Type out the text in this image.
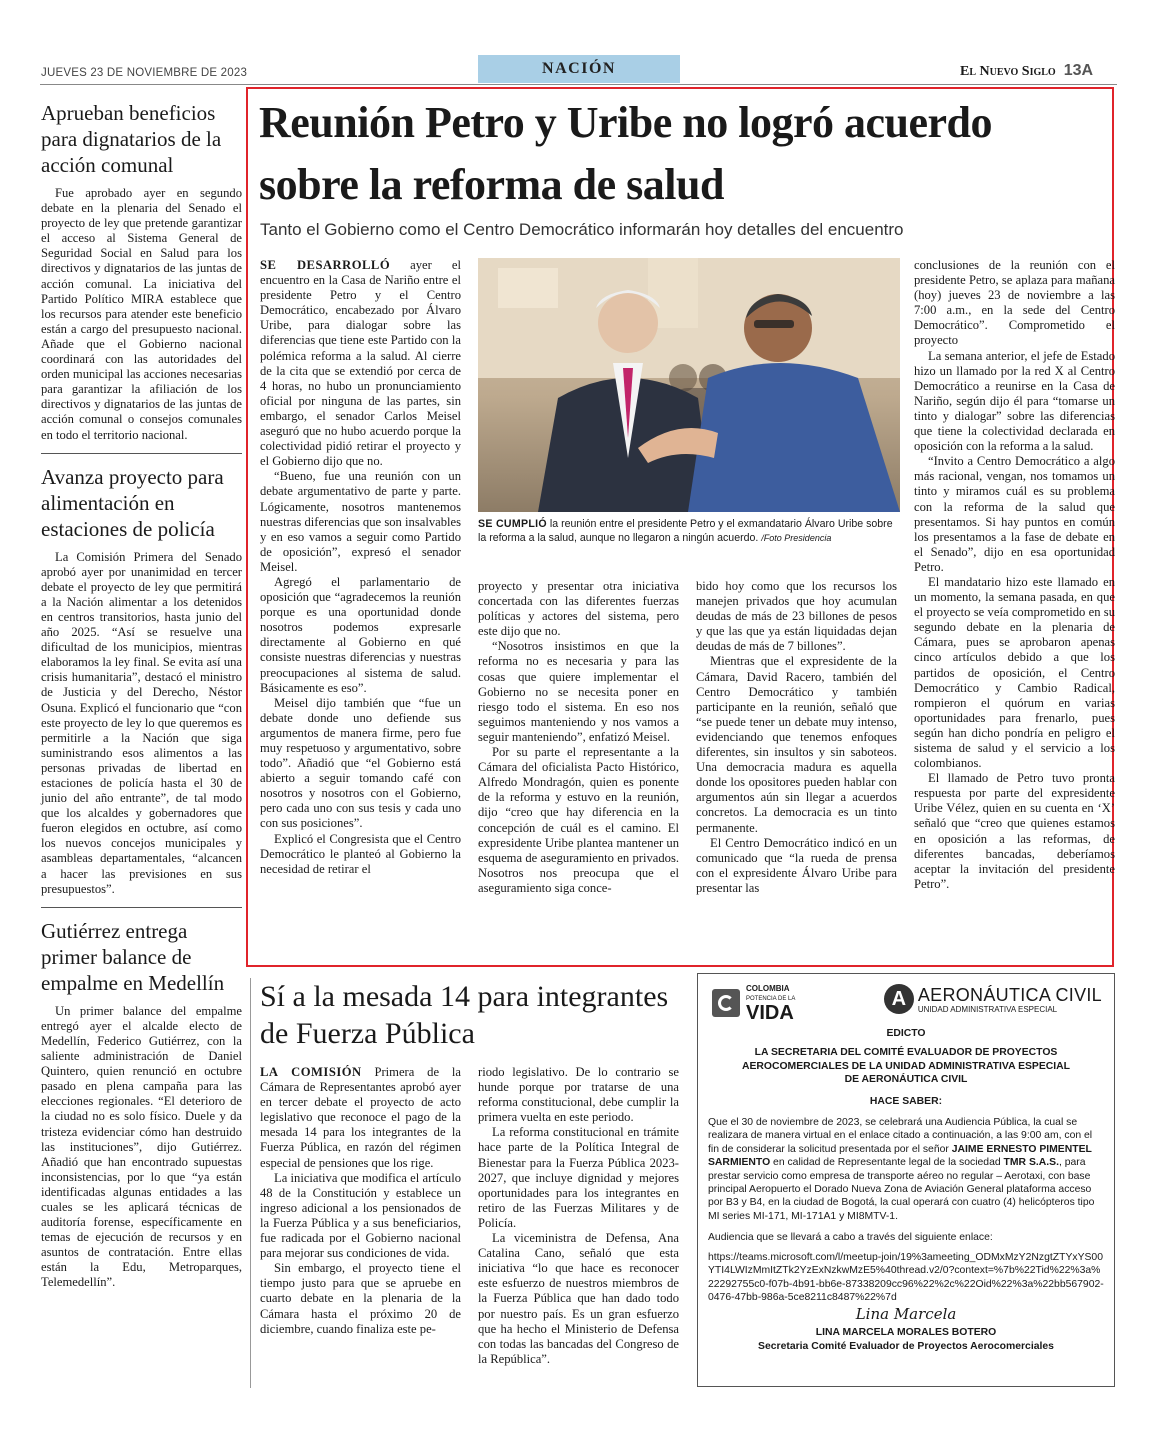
JUEVES 23 DE NOVIEMBRE DE 2023	NACIÓN	El Nuevo Siglo 13A
Aprueban beneficios para dignatarios de la acción comunal

Fue aprobado ayer en segundo debate en la plenaria del Senado el proyecto de ley que pretende garantizar el acceso al Sistema General de Seguridad Social en Salud para los directivos y dignatarios de las juntas de acción comunal. La iniciativa del Partido Político MIRA establece que los recursos para atender este beneficio están a cargo del presupuesto nacional. Añade que el Gobierno nacional coordinará con las autoridades del orden municipal las acciones necesarias para garantizar la afiliación de los directivos y dignatarios de las juntas de acción comunal o consejos comunales en todo el territorio nacional.

Avanza proyecto para alimentación en estaciones de policía

La Comisión Primera del Senado aprobó ayer por unanimidad en tercer debate el proyecto de ley que permitirá a la Nación alimentar a los detenidos en centros transitorios, hasta junio del año 2025. “Así se resuelve una dificultad de los municipios, mientras elaboramos la ley final. Se evita así una crisis humanitaria”, destacó el ministro de Justicia y del Derecho, Néstor Osuna. Explicó el funcionario que “con este proyecto de ley lo que queremos es permitirle a la Nación que siga suministrando esos alimentos a las personas privadas de libertad en estaciones de policía hasta el 30 de junio del año entrante”, de tal modo que los alcaldes y gobernadores que fueron elegidos en octubre, así como los nuevos concejos municipales y asambleas departamentales, “alcancen a hacer las previsiones en sus presupuestos”.

Gutiérrez entrega primer balance de empalme en Medellín

Un primer balance del empalme entregó ayer el alcalde electo de Medellín, Federico Gutiérrez, con la saliente administración de Daniel Quintero, quien renunció en octubre pasado en plena campaña para las elecciones regionales. “El deterioro de la ciudad no es solo físico. Duele y da tristeza evidenciar cómo han destruido las instituciones”, dijo Gutiérrez. Añadió que han encontrado supuestas inconsistencias, por lo que “ya están identificadas algunas entidades a las cuales se les aplicará técnicas de auditoría forense, específicamente en temas de ejecución de recursos y en asuntos de contratación. Entre ellas están la Edu, Metroparques, Telemedellín”.

Reunión Petro y Uribe no logró acuerdo sobre la reforma de salud
Tanto el Gobierno como el Centro Democrático informarán hoy detalles del encuentro

SE DESARROLLÓ ayer el encuentro en la Casa de Nariño entre el presidente Petro y el Centro Democrático, encabezado por Álvaro Uribe, para dialogar sobre las diferencias que tiene este Partido con la polémica reforma a la salud. Al cierre de la cita que se extendió por cerca de 4 horas, no hubo un pronunciamiento oficial por ninguna de las partes, sin embargo, el senador Carlos Meisel aseguró que no hubo acuerdo porque la colectividad pidió retirar el proyecto y el Gobierno dijo que no.

“Bueno, fue una reunión con un debate argumentativo de parte y parte. Lógicamente, nosotros mantenemos nuestras diferencias que son insalvables y en eso vamos a seguir como Partido de oposición”, expresó el senador Meisel.

Agregó el parlamentario de oposición que “agradecemos la reunión porque es una oportunidad donde nosotros podemos expresarle directamente al Gobierno en qué consiste nuestras diferencias y nuestras preocupaciones al sistema de salud. Básicamente es eso”.

Meisel dijo también que “fue un debate donde uno defiende sus argumentos de manera firme, pero fue muy respetuoso y argumentativo, sobre todo”. Añadió que “el Gobierno está abierto a seguir tomando café con nosotros y nosotros con el Gobierno, pero cada uno con sus tesis y cada uno con sus posiciones”.

Explicó el Congresista que el Centro Democrático le planteó al Gobierno la necesidad de retirar el

SE CUMPLIÓ la reunión entre el presidente Petro y el exmandatario Álvaro Uribe sobre la reforma a la salud, aunque no llegaron a ningún acuerdo. /Foto Presidencia

proyecto y presentar otra iniciativa concertada con las diferentes fuerzas políticas y actores del sistema, pero este dijo que no.

“Nosotros insistimos en que la reforma no es necesaria y para las cosas que quiere implementar el Gobierno no se necesita poner en riesgo todo el sistema. En eso nos seguimos manteniendo y nos vamos a seguir manteniendo”, enfatizó Meisel.

Por su parte el representante a la Cámara del oficialista Pacto Histórico, Alfredo Mondragón, quien es ponente de la reforma y estuvo en la reunión, dijo “creo que hay diferencia en la concepción de cuál es el camino. El expresidente Uribe plantea mantener un esquema de aseguramiento en privados. Nosotros nos preocupa que el aseguramiento siga conce-

bido hoy como que los recursos los manejen privados que hoy acumulan deudas de más de 23 billones de pesos y que las que ya están liquidadas dejan deudas de más de 7 billones”.

Mientras que el expresidente de la Cámara, David Racero, también del Centro Democrático y también participante en la reunión, señaló que “se puede tener un debate muy intenso, evidenciando que tenemos enfoques diferentes, sin insultos y sin saboteos. Una democracia madura es aquella donde los opositores pueden hablar con argumentos aún sin llegar a acuerdos concretos. La democracia es un tinto permanente.

El Centro Democrático indicó en un comunicado que “la rueda de prensa con el expresidente Álvaro Uribe para presentar las

conclusiones de la reunión con el presidente Petro, se aplaza para mañana (hoy) jueves 23 de noviembre a las 7:00 a.m., en la sede del Centro Democrático”. Comprometido el proyecto

La semana anterior, el jefe de Estado hizo un llamado por la red X al Centro Democrático a reunirse en la Casa de Nariño, según dijo él para “tomarse un tinto y dialogar” sobre las diferencias que tiene la colectividad declarada en oposición con la reforma a la salud.

“Invito a Centro Democrático a algo más racional, vengan, nos tomamos un tinto y miramos cuál es su problema con la reforma de la salud que presentamos. Si hay puntos en común los presentamos a la fase de debate en el Senado”, dijo en esa oportunidad Petro.

El mandatario hizo este llamado en un momento, la semana pasada, en que el proyecto se veía comprometido en su segundo debate en la plenaria de Cámara, pues se aprobaron apenas cinco artículos debido a que los partidos de oposición, el Centro Democrático y Cambio Radical, rompieron el quórum en varias oportunidades para frenarlo, pues según han dicho pondría en peligro el sistema de salud y el servicio a los colombianos.

El llamado de Petro tuvo pronta respuesta por parte del expresidente Uribe Vélez, quien en su cuenta en ‘X’ señaló que “creo que quienes estamos en oposición a las reformas, de diferentes bancadas, deberíamos aceptar la invitación del presidente Petro”.

Sí a la mesada 14 para integrantes de Fuerza Pública

LA COMISIÓN Primera de la Cámara de Representantes aprobó ayer en tercer debate el proyecto de acto legislativo que reconoce el pago de la mesada 14 para los integrantes de la Fuerza Pública, en razón del régimen especial de pensiones que los rige.

La iniciativa que modifica el artículo 48 de la Constitución y establece un ingreso adicional a los pensionados de la Fuerza Pública y a sus beneficiarios, fue radicada por el Gobierno nacional para mejorar sus condiciones de vida.

Sin embargo, el proyecto tiene el tiempo justo para que se apruebe en cuarto debate en la plenaria de la Cámara hasta el próximo 20 de diciembre, cuando finaliza este pe-

riodo legislativo. De lo contrario se hunde porque por tratarse de una reforma constitucional, debe cumplir la primera vuelta en este periodo.

La reforma constitucional en trámite hace parte de la Política Integral de Bienestar para la Fuerza Pública 2023-2027, que incluye dignidad y mejores oportunidades para los integrantes en retiro de las Fuerzas Militares y de Policía.

La viceministra de Defensa, Ana Catalina Cano, señaló que esta iniciativa “lo que hace es reconocer este esfuerzo de nuestros miembros de la Fuerza Pública que han dado todo por nuestro país. Es un gran esfuerzo que ha hecho el Ministerio de Defensa con todas las bancadas del Congreso de la República”.

COLOMBIA
POTENCIA DE LA
VIDA
A AERONÁUTICA CIVIL
UNIDAD ADMINISTRATIVA ESPECIAL
EDICTO
LA SECRETARIA DEL COMITÉ EVALUADOR DE PROYECTOS AEROCOMERCIALES DE LA UNIDAD ADMINISTRATIVA ESPECIAL DE AERONÁUTICA CIVIL
HACE SABER:
Que el 30 de noviembre de 2023, se celebrará una Audiencia Pública, la cual se realizara de manera virtual en el enlace citado a continuación, a las 9:00 am, con el fin de considerar la solicitud presentada por el señor JAIME ERNESTO PIMENTEL SARMIENTO en calidad de Representante legal de la sociedad TMR S.A.S., para prestar servicio como empresa de transporte aéreo no regular – Aerotaxi, con base principal Aeropuerto el Dorado Nueva Zona de Aviación General plataforma acceso por B3 y B4, en la ciudad de Bogotá, la cual operará con cuatro (4) helicópteros tipo MI series MI-171, MI-171A1 y MI8MTV-1.
Audiencia que se llevará a cabo a través del siguiente enlace:
https://teams.microsoft.com/l/meetup-join/19%3ameeting_ODMxMzY2NzgtZTYxYS00YTI4LWIzMmItZTk2YzExNzkwMzE5%40thread.v2/0?context=%7b%22Tid%22%3a%22292755c0-f07b-4b91-bb6e-87338209cc96%22%2c%22Oid%22%3a%22bb567902-0476-47bb-986a-5ce8211c8487%22%7d
Lina Marcela
LINA MARCELA MORALES BOTERO
Secretaria Comité Evaluador de Proyectos Aerocomerciales
